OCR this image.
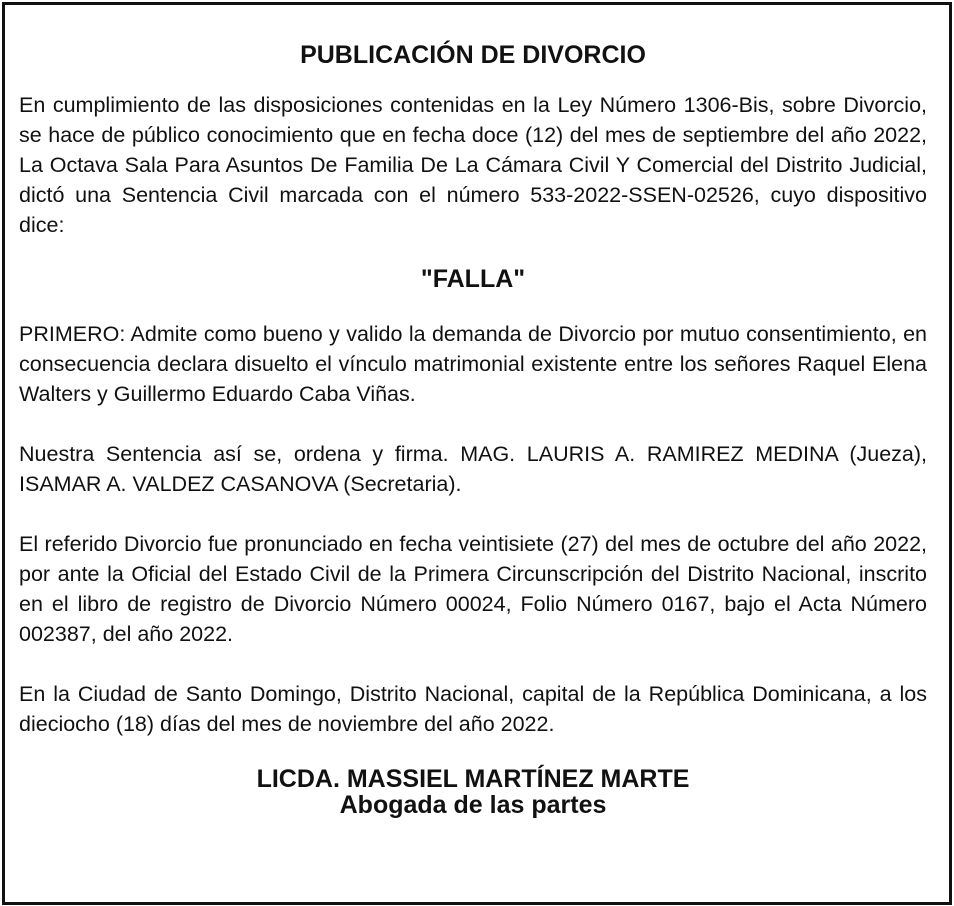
PUBLICACIÓN DE DIVORCIO

En cumplimiento de las disposiciones contenidas en la Ley Número 1306-Bis, sobre Divorcio, se hace de público conocimiento que en fecha doce (12) del mes de septiembre del año 2022, La Octava Sala Para Asuntos De Familia De La Cámara Civil Y Comercial del Distrito Judicial, dictó una Sentencia Civil marcada con el número 533-2022-SSEN-02526, cuyo dispositivo dice:

"FALLA"

PRIMERO: Admite como bueno y valido la demanda de Divorcio por mutuo consentimiento, en consecuencia declara disuelto el vínculo matrimonial existente entre los señores Raquel Elena Walters y Guillermo Eduardo Caba Viñas.

Nuestra Sentencia así se, ordena y firma. MAG. LAURIS A. RAMIREZ MEDINA (Jueza), ISAMAR A. VALDEZ CASANOVA (Secretaria).

El referido Divorcio fue pronunciado en fecha veintisiete (27) del mes de octubre del año 2022, por ante la Oficial del Estado Civil de la Primera Circunscripción del Distrito Nacional, inscrito en el libro de registro de Divorcio Número 00024, Folio Número 0167, bajo el Acta Número 002387, del año 2022.

En la Ciudad de Santo Domingo, Distrito Nacional, capital de la República Dominicana, a los dieciocho (18) días del mes de noviembre del año 2022.

LICDA. MASSIEL MARTÍNEZ MARTE

Abogada de las partes
